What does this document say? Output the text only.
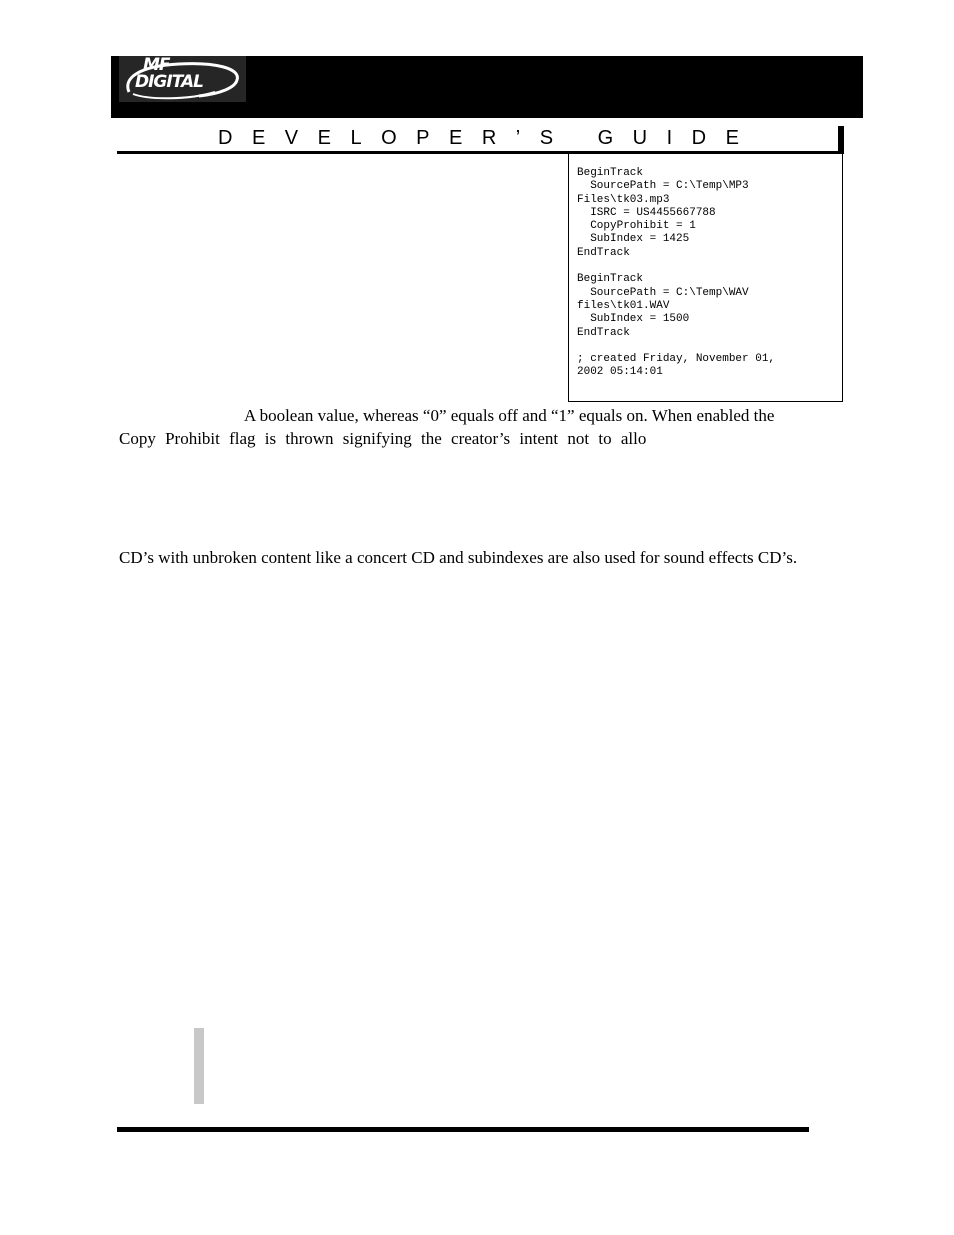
MF
DIGITAL
DEVELOPER’S GUIDE
BeginTrack
SourcePath = C:\Temp\MP3
Files\tk03.mp3
ISRC = US4455667788
CopyProhibit = 1
SubIndex = 1425
EndTrack

BeginTrack
SourcePath = C:\Temp\WAV
files\tk01.WAV
SubIndex = 1500
EndTrack

; created Friday, November 01,
2002 05:14:01

A boolean value, whereas “0” equals off and “1” equals on. When enabled the
Copy Prohibit flag is thrown signifying the creator’s intent not to allo

CD’s with unbroken content like a concert CD and subindexes are also used for sound effects CD’s.
